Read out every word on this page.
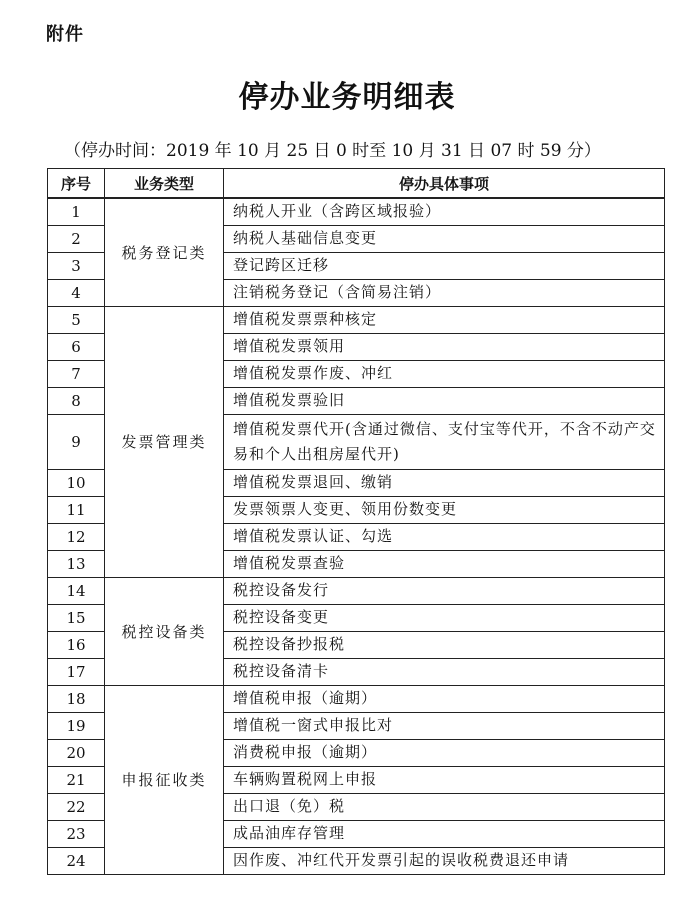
附件
停办业务明细表
（停办时间：2019 年 10 月 25 日 0 时至 10 月 31 日 07 时 59 分）
序号	业务类型	停办具体事项
1	税务登记类	纳税人开业（含跨区域报验）
2		纳税人基础信息变更
3		登记跨区迁移
4		注销税务登记（含简易注销）
5	发票管理类	增值税发票票种核定
6		增值税发票领用
7		增值税发票作废、冲红
8		增值税发票验旧
9		增值税发票代开(含通过微信、支付宝等代开，不含不动产交易和个人出租房屋代开)
10		增值税发票退回、缴销
11		发票领票人变更、领用份数变更
12		增值税发票认证、勾选
13		增值税发票查验
14	税控设备类	税控设备发行
15		税控设备变更
16		税控设备抄报税
17		税控设备清卡
18	申报征收类	增值税申报（逾期）
19		增值税一窗式申报比对
20		消费税申报（逾期）
21		车辆购置税网上申报
22		出口退（免）税
23		成品油库存管理
24		因作废、冲红代开发票引起的误收税费退还申请
